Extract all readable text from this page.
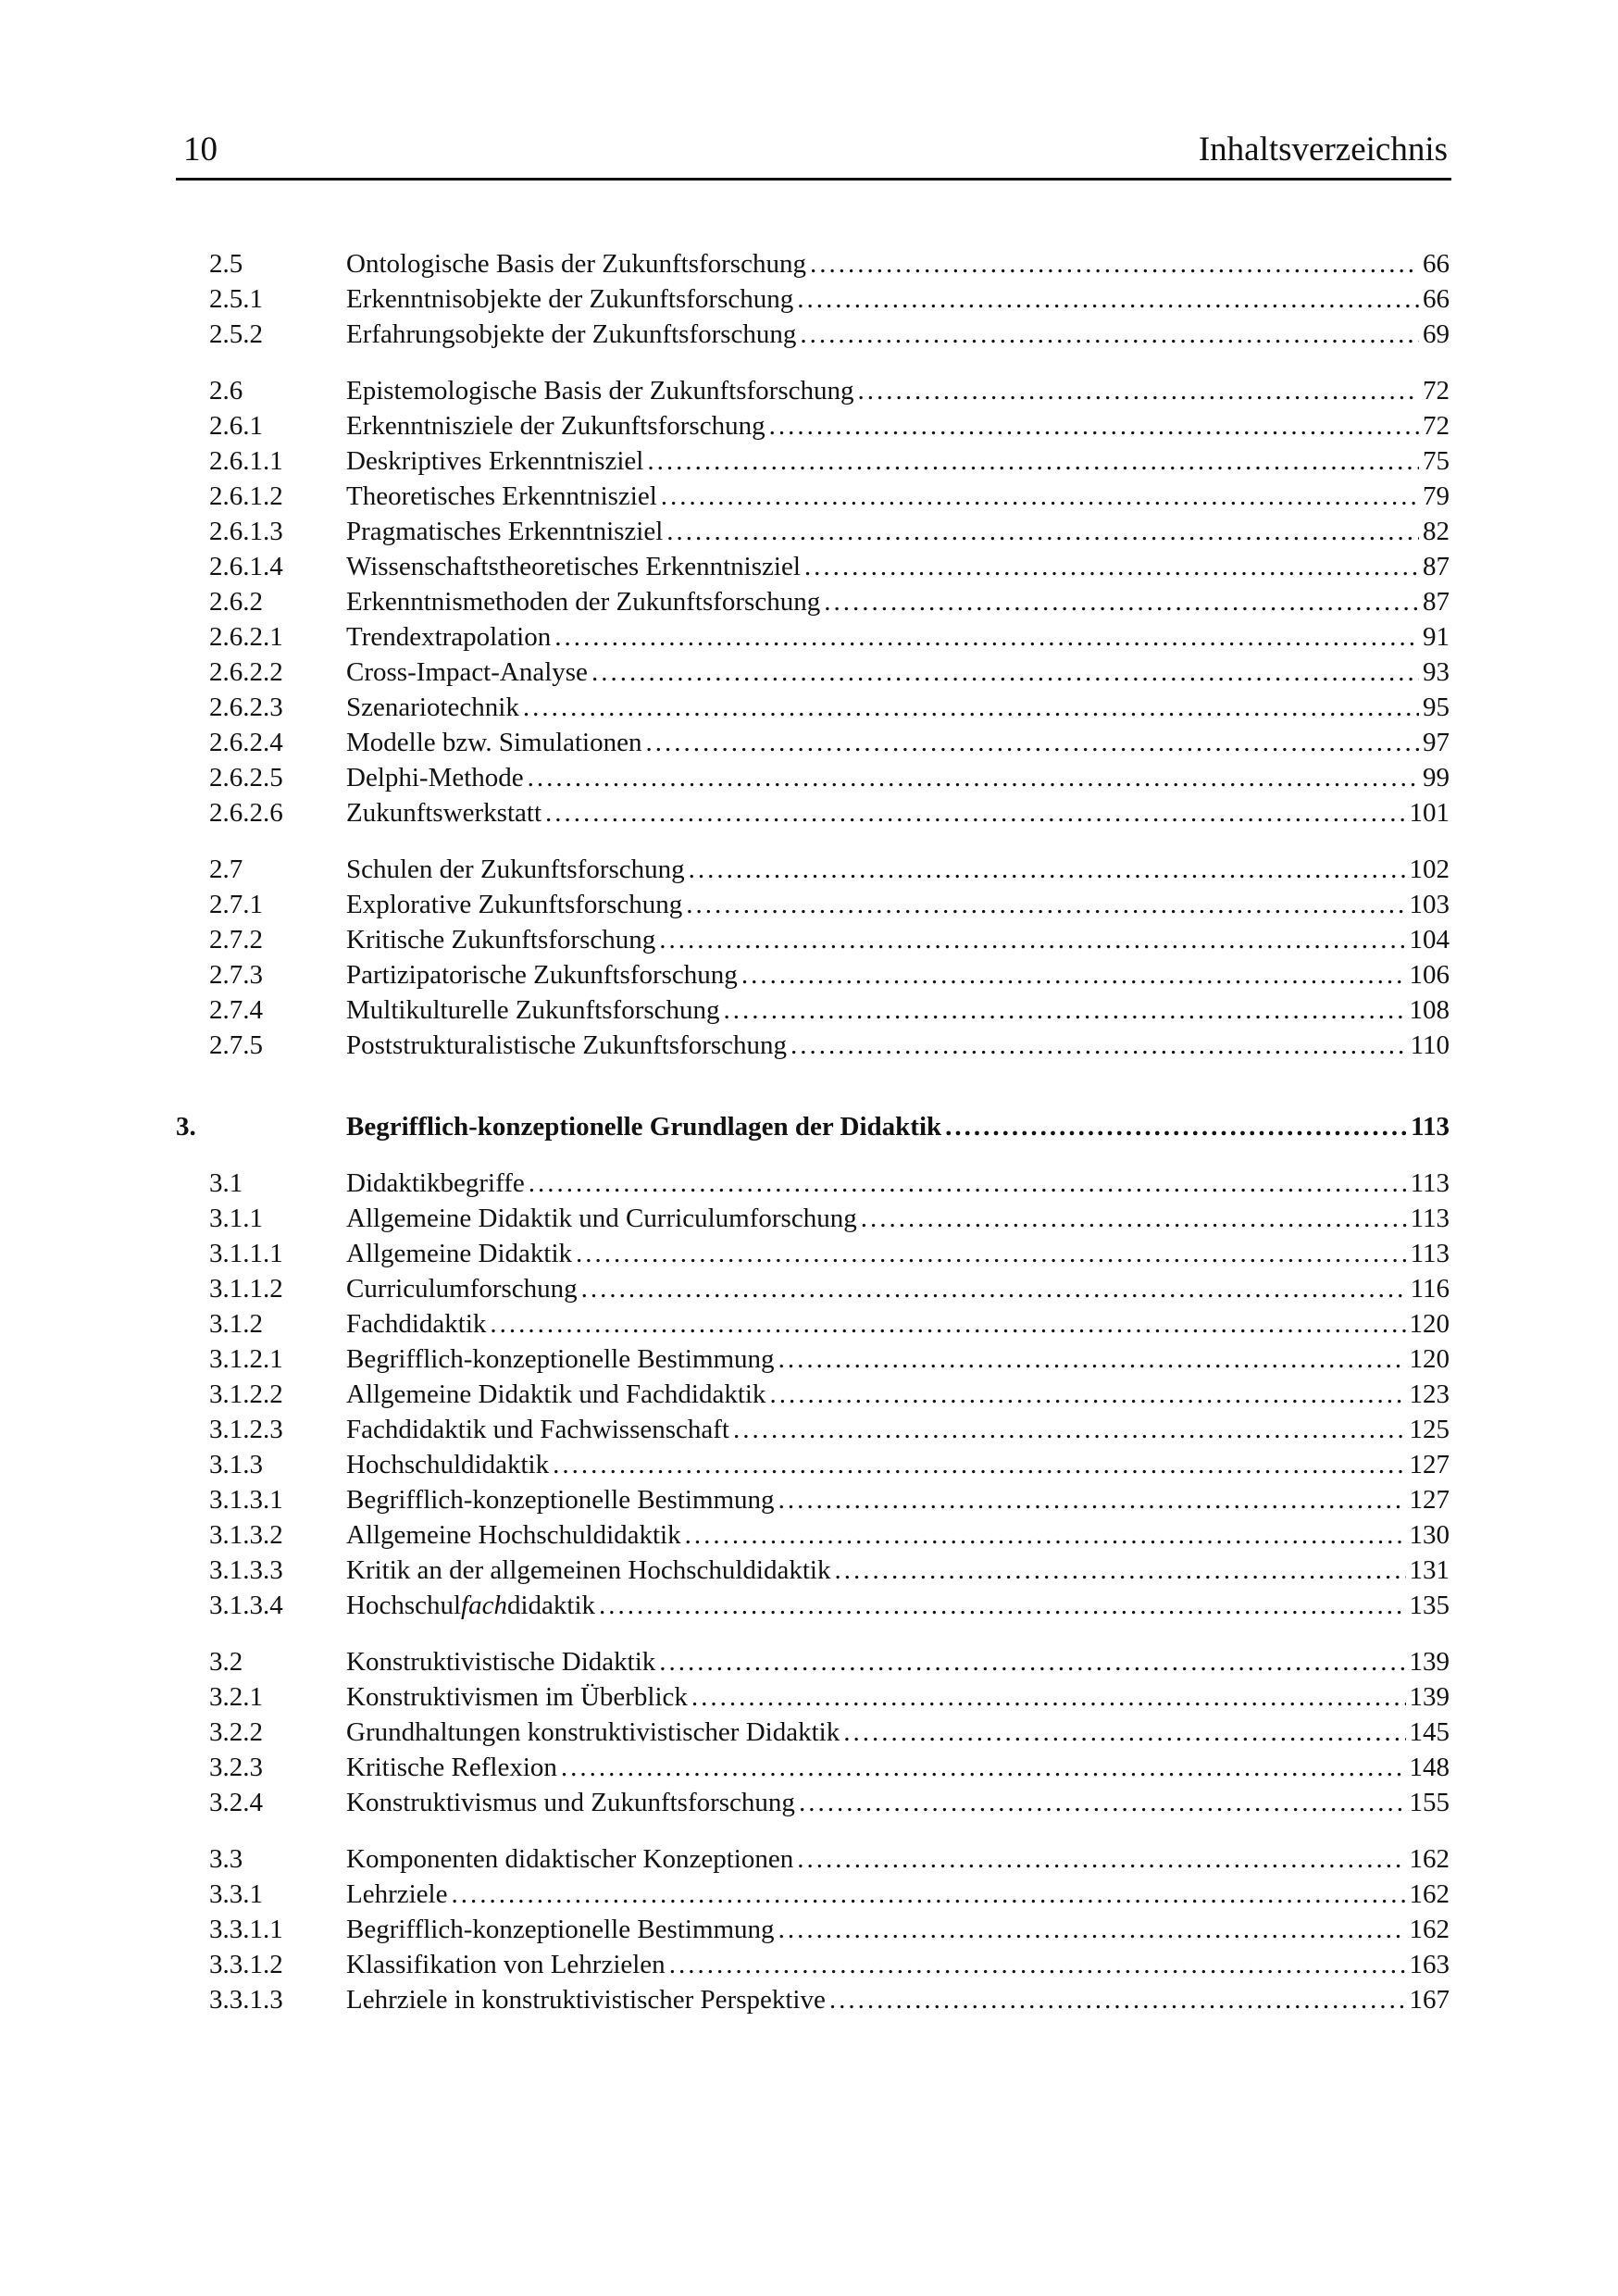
10	Inhaltsverzeichnis
2.5	Ontologische Basis der Zukunftsforschung .....	66
2.5.1	Erkenntnisobjekte der Zukunftsforschung .....	66
2.5.2	Erfahrungsobjekte der Zukunftsforschung .....	69
2.6	Epistemologische Basis der Zukunftsforschung .....	72
2.6.1	Erkenntnisziele der Zukunftsforschung .....	72
2.6.1.1 Deskriptives Erkenntnisziel .....	75
2.6.1.2 Theoretisches Erkenntnisziel .....	79
2.6.1.3 Pragmatisches Erkenntnisziel .....	82
2.6.1.4 Wissenschaftstheoretisches Erkenntnisziel .....	87
2.6.2	Erkenntnismethoden der Zukunftsforschung .....	87
2.6.2.1 Trendextrapolation .....	91
2.6.2.2 Cross-Impact-Analyse .....	93
2.6.2.3 Szenariotechnik .....	95
2.6.2.4 Modelle bzw. Simulationen .....	97
2.6.2.5 Delphi-Methode .....	99
2.6.2.6 Zukunftswerkstatt .....	101
2.7	Schulen der Zukunftsforschung .....	102
2.7.1	Explorative Zukunftsforschung .....	103
2.7.2	Kritische Zukunftsforschung .....	104
2.7.3	Partizipatorische Zukunftsforschung .....	106
2.7.4	Multikulturelle Zukunftsforschung .....	108
2.7.5	Poststrukturalistische Zukunftsforschung .....	110
3.	Begrifflich-konzeptionelle Grundlagen der Didaktik .....	113
3.1	Didaktikbegriffe .....	113
3.1.1	Allgemeine Didaktik und Curriculumforschung .....	113
3.1.1.1 Allgemeine Didaktik .....	113
3.1.1.2 Curriculumforschung .....	116
3.1.2	Fachdidaktik .....	120
3.1.2.1 Begrifflich-konzeptionelle Bestimmung .....	120
3.1.2.2 Allgemeine Didaktik und Fachdidaktik .....	123
3.1.2.3 Fachdidaktik und Fachwissenschaft .....	125
3.1.3	Hochschuldidaktik .....	127
3.1.3.1 Begrifflich-konzeptionelle Bestimmung .....	127
3.1.3.2 Allgemeine Hochschuldidaktik .....	130
3.1.3.3 Kritik an der allgemeinen Hochschuldidaktik .....	131
3.1.3.4 Hochschulfachdidaktik .....	135
3.2	Konstruktivistische Didaktik .....	139
3.2.1	Konstruktivismen im Überblick .....	139
3.2.2	Grundhaltungen konstruktivistischer Didaktik .....	145
3.2.3	Kritische Reflexion .....	148
3.2.4	Konstruktivismus und Zukunftsforschung .....	155
3.3	Komponenten didaktischer Konzeptionen .....	162
3.3.1	Lehrziele .....	162
3.3.1.1 Begrifflich-konzeptionelle Bestimmung .....	162
3.3.1.2 Klassifikation von Lehrzielen .....	163
3.3.1.3 Lehrziele in konstruktivistischer Perspektive .....	167
